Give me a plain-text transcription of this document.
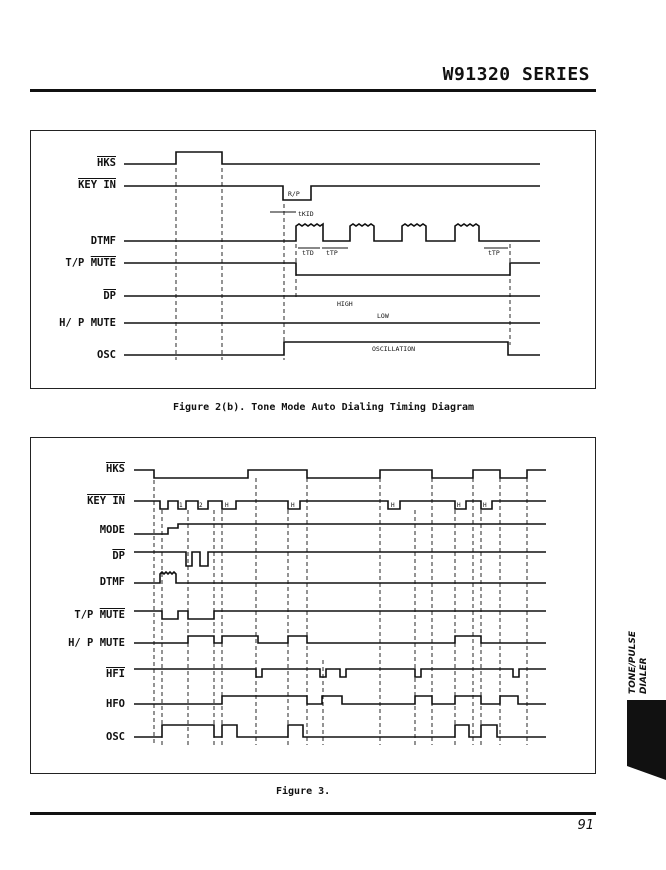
W91320 SERIES
$\overline{HKS}$
KEY IN
DTMF
T/P MUTE
$\overline{DP}$
H/ P MUTE
OSC
R/P
tKID
tTD tTP	tTP
HIGH
LOW
OSCILLATION
Figure 2(b). Tone Mode Auto Dialing Timing Diagram
$\overline{HKS}$
KEY IN
MODE
$\overline{DP}$
DTMF
T/P MUTE
H/ P MUTE
$\overline{HFI}$
HFO
OSC
1	2	H	H	H	H	H
Figure 3.
91
TONE/PULSE DIALER
